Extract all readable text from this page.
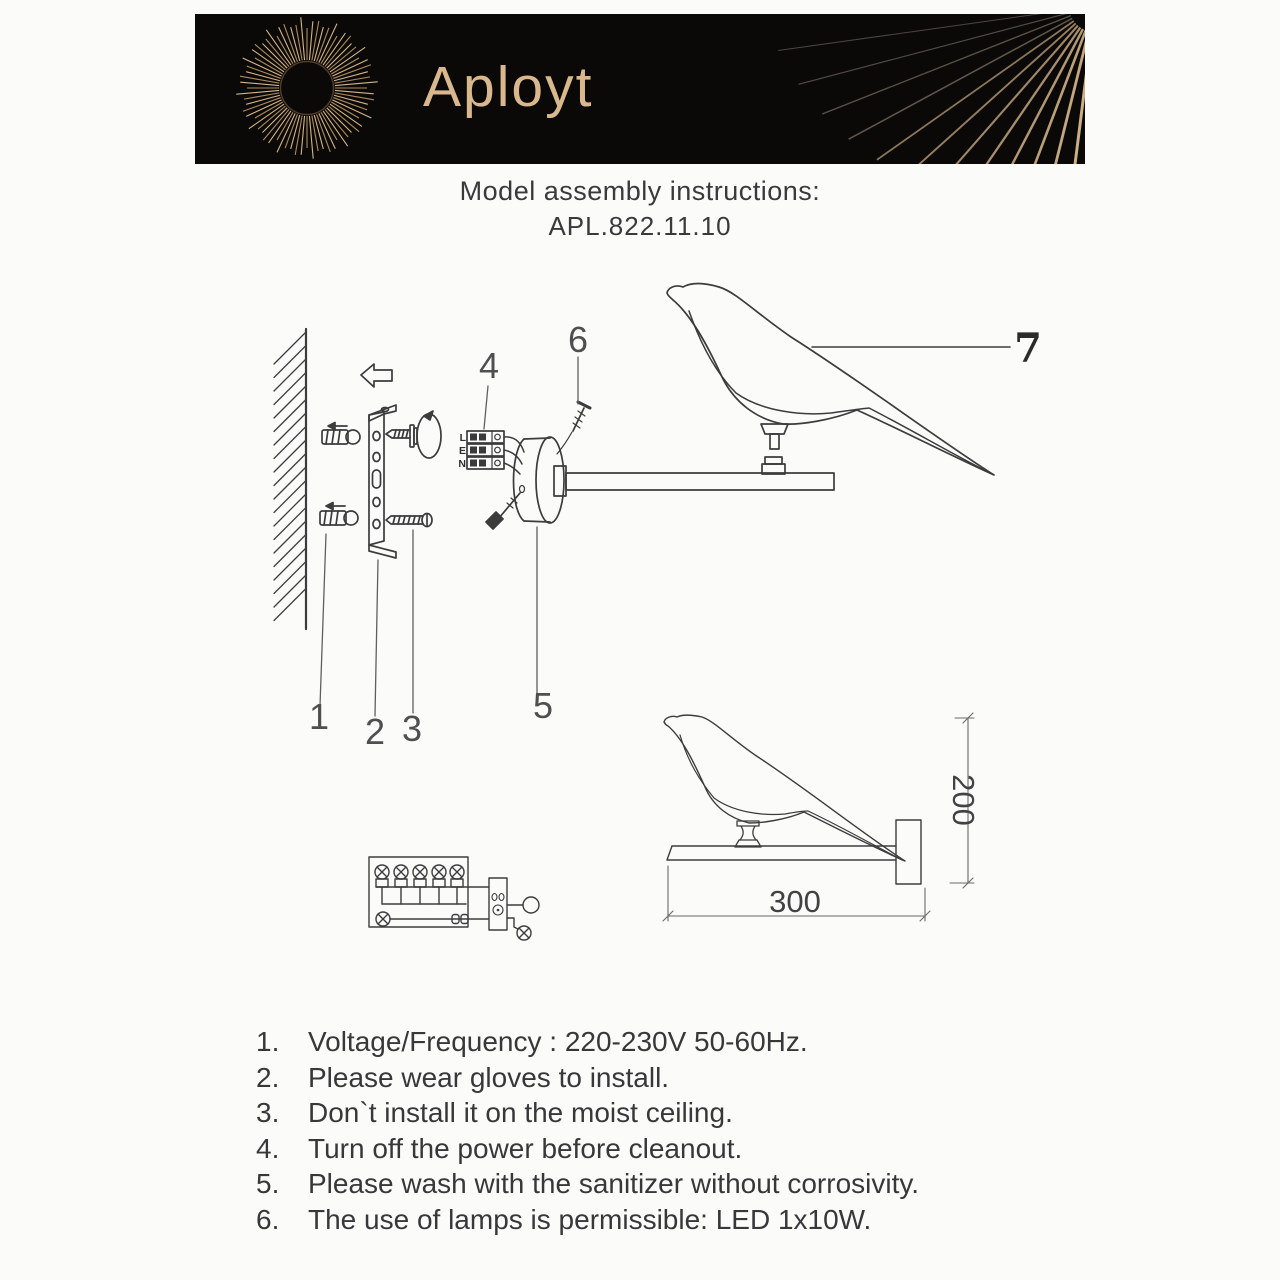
Aployt
Model assembly instructions:
APL.822.11.10
1 2 3
4
5
6	7
L
E
N
300
200
1.	Voltage/Frequency : 220-230V 50-60Hz.
2.	Please wear gloves to install.
3.	Don`t install it on the moist ceiling.
4.	Turn off the power before cleanout.
5.	Please wash with the sanitizer without corrosivity.
6.	The use of lamps is permissible: LED 1x10W.
